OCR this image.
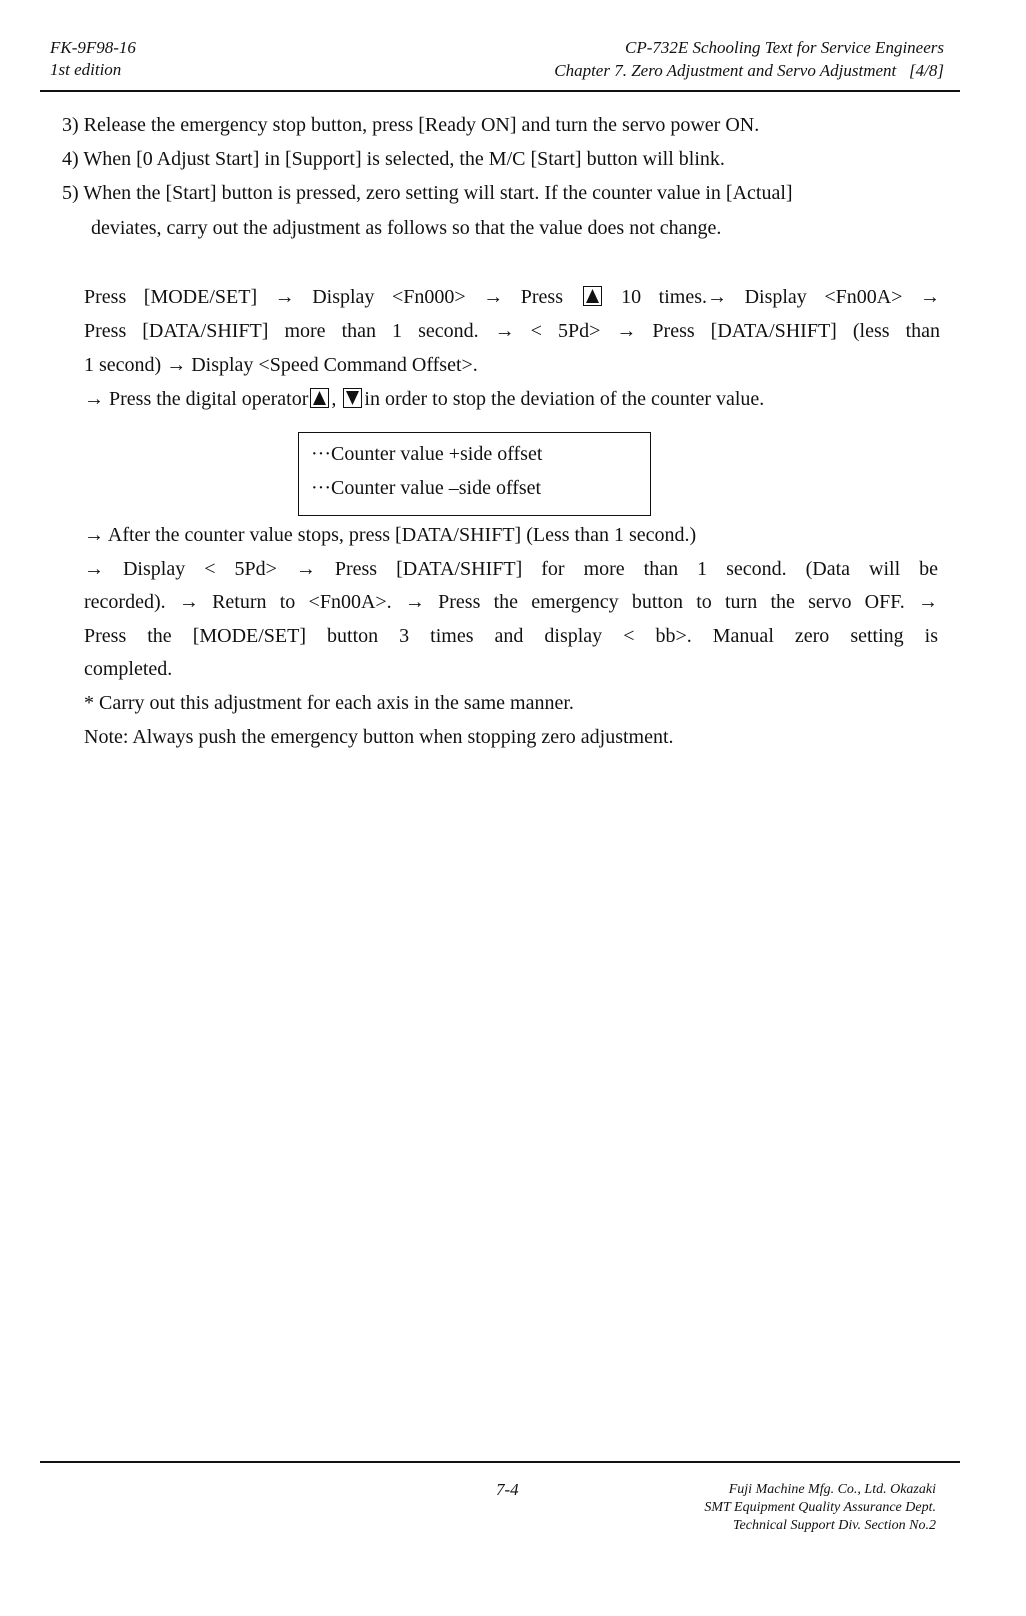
FK-9F98-16
1st edition
CP-732E Schooling Text for Service Engineers
Chapter 7. Zero Adjustment and Servo Adjustment [4/8]
3) Release the emergency stop button, press [Ready ON] and turn the servo power ON.
4) When [0 Adjust Start] in [Support] is selected, the M/C [Start] button will blink.
5) When the [Start] button is pressed, zero setting will start. If the counter value in [Actual]
deviates, carry out the adjustment as follows so that the value does not change.
Press [MODE/SET] → Display <Fn000> → Press	10 times.→ Display <Fn00A> →
Press [DATA/SHIFT] more than 1 second. → < 5Pd> → Press [DATA/SHIFT] (less than
1 second) → Display <Speed Command Offset>.
→ Press the digital operator , in order to stop the deviation of the counter value.
···Counter value +side offset
···Counter value –side offset
→ After the counter value stops, press [DATA/SHIFT] (Less than 1 second.)
→ Display < 5Pd> → Press [DATA/SHIFT] for more than 1 second. (Data will be
recorded). → Return to <Fn00A>. → Press the emergency button to turn the servo OFF. →
Press the [MODE/SET] button 3 times and display < bb>. Manual zero setting is
completed.
* Carry out this adjustment for each axis in the same manner.
Note: Always push the emergency button when stopping zero adjustment.
7-4	Fuji Machine Mfg. Co., Ltd. Okazaki
SMT Equipment Quality Assurance Dept.
Technical Support Div. Section No.2
